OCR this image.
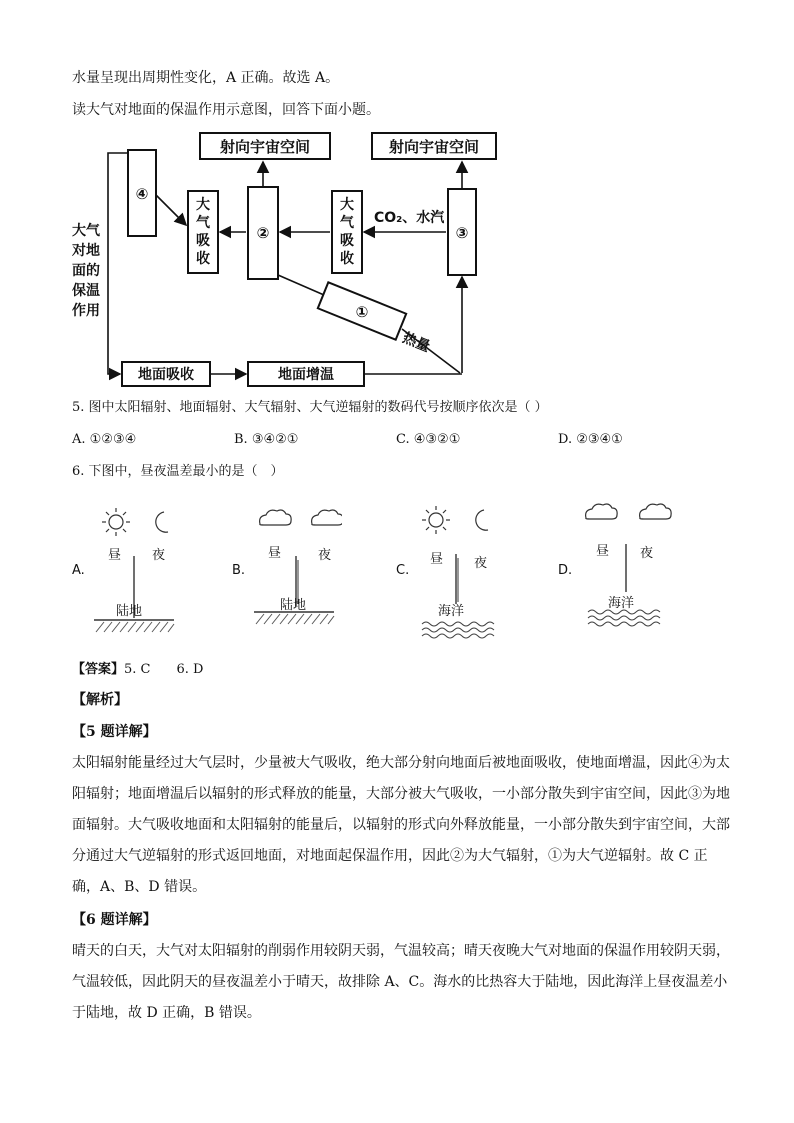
水量呈现出周期性变化，A 正确。故选 A。
读大气对地面的保温作用示意图，回答下面小题。
射向宇宙空间	射向宇宙空间
④
②	③
①
CO₂、水汽
热量
地面吸收	地面增温
大
气
吸
收
大
气
吸
收
大气
对地
面的
保温
作用
5. 图中太阳辐射、地面辐射、大气辐射、大气逆辐射的数码代号按顺序依次是（ ）
A. ①②③④	B. ③④②①	C. ④③②①	D. ②③④①
6. 下图中，昼夜温差最小的是（　）
A.
昼 夜
陆地
B.
昼	夜
陆地
C.
昼 夜
海洋
D.
昼 夜
海洋
【答案】5. C　　6. D
【解析】
【5 题详解】
太阳辐射能量经过大气层时，少量被大气吸收，绝大部分射向地面后被地面吸收，使地面增温，因此④为太阳辐射；地面增温后以辐射的形式释放的能量，大部分被大气吸收，一小部分散失到宇宙空间，因此③为地面辐射。大气吸收地面和太阳辐射的能量后，以辐射的形式向外释放能量，一小部分散失到宇宙空间，大部分通过大气逆辐射的形式返回地面，对地面起保温作用，因此②为大气辐射，①为大气逆辐射。故 C 正确，A、B、D 错误。
【6 题详解】
晴天的白天，大气对太阳辐射的削弱作用较阴天弱，气温较高；晴天夜晚大气对地面的保温作用较阴天弱，气温较低，因此阴天的昼夜温差小于晴天，故排除 A、C。海水的比热容大于陆地，因此海洋上昼夜温差小于陆地，故 D 正确，B 错误。
